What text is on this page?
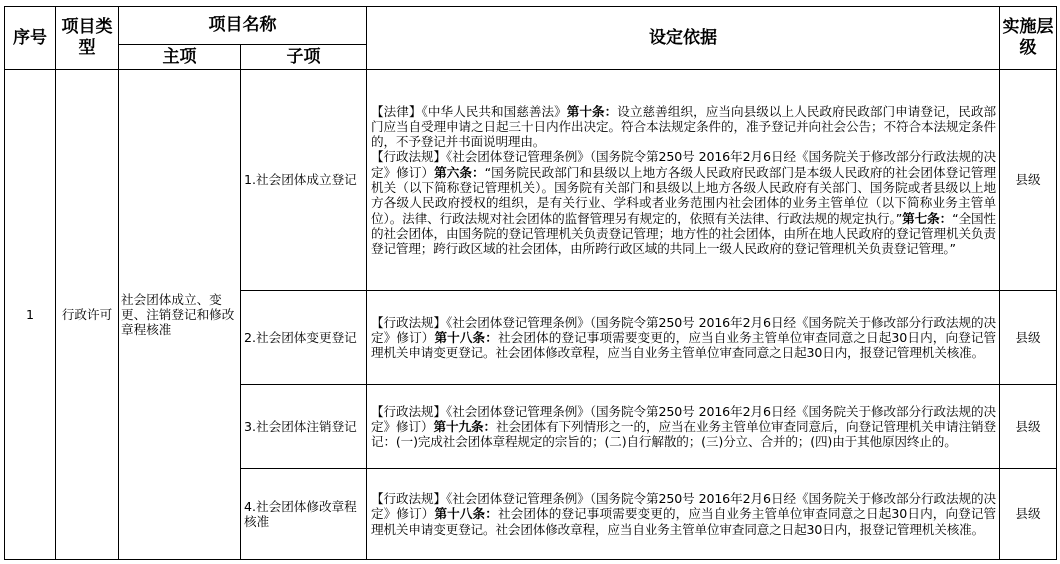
序号	项目类型	项目名称		设定依据	实施层级
		主项	子项		
1	行政许可	社会团体成立、变更、注销登记和修改章程核准	1.社会团体成立登记	【法律】《中华人民共和国慈善法》第十条：设立慈善组织，应当向县级以上人民政府民政部门申请登记，民政部门应当自受理申请之日起三十日内作出决定。符合本法规定条件的，准予登记并向社会公告；不符合本法规定条件的，不予登记并书面说明理由。
【行政法规】《社会团体登记管理条例》（国务院令第250号 2016年2月6日经《国务院关于修改部分行政法规的决定》修订）第六条：“国务院民政部门和县级以上地方各级人民政府民政部门是本级人民政府的社会团体登记管理机关（以下简称登记管理机关）。国务院有关部门和县级以上地方各级人民政府有关部门、国务院或者县级以上地方各级人民政府授权的组织，是有关行业、学科或者业务范围内社会团体的业务主管单位（以下简称业务主管单位）。法律、行政法规对社会团体的监督管理另有规定的，依照有关法律、行政法规的规定执行。”第七条：“全国性的社会团体，由国务院的登记管理机关负责登记管理；地方性的社会团体，由所在地人民政府的登记管理机关负责登记管理；跨行政区域的社会团体，由所跨行政区域的共同上一级人民政府的登记管理机关负责登记管理。”	县级
			2.社会团体变更登记	【行政法规】《社会团体登记管理条例》（国务院令第250号 2016年2月6日经《国务院关于修改部分行政法规的决定》修订）第十八条：社会团体的登记事项需要变更的，应当自业务主管单位审查同意之日起30日内，向登记管理机关申请变更登记。社会团体修改章程，应当自业务主管单位审查同意之日起30日内，报登记管理机关核准。	县级
			3.社会团体注销登记	【行政法规】《社会团体登记管理条例》（国务院令第250号 2016年2月6日经《国务院关于修改部分行政法规的决定》修订）第十九条：社会团体有下列情形之一的，应当在业务主管单位审查同意后，向登记管理机关申请注销登记：(一)完成社会团体章程规定的宗旨的；(二)自行解散的；(三)分立、合并的；(四)由于其他原因终止的。	县级
			4.社会团体修改章程核准	【行政法规】《社会团体登记管理条例》（国务院令第250号 2016年2月6日经《国务院关于修改部分行政法规的决定》修订）第十八条：社会团体的登记事项需要变更的，应当自业务主管单位审查同意之日起30日内，向登记管理机关申请变更登记。社会团体修改章程，应当自业务主管单位审查同意之日起30日内，报登记管理机关核准。	县级
